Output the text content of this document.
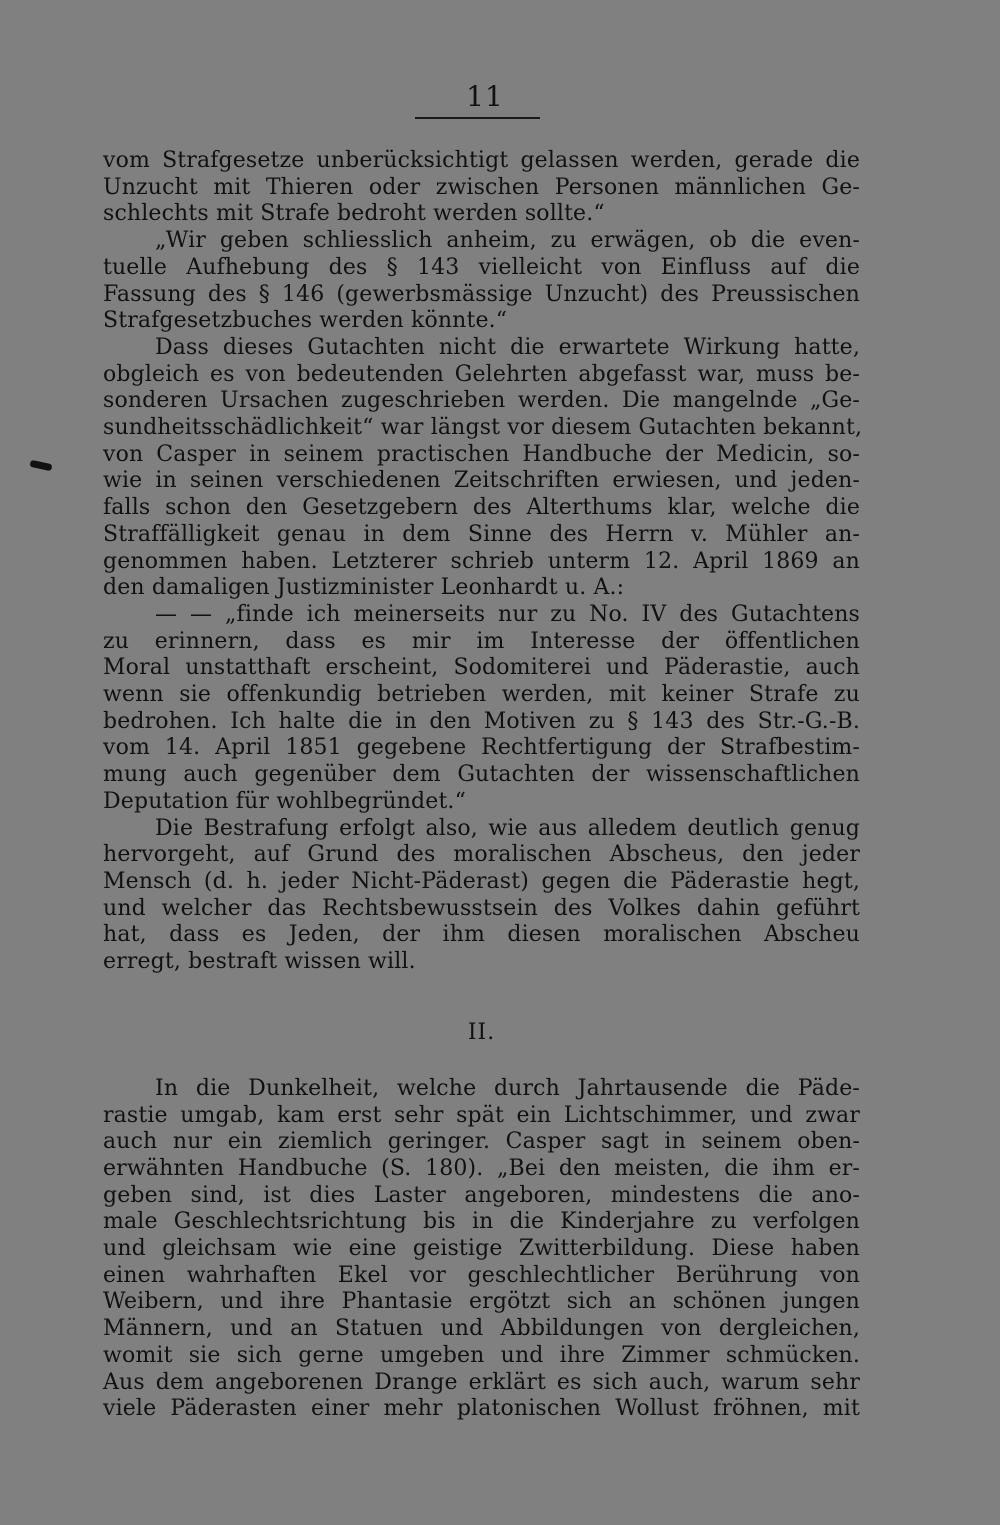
11

vom Strafgesetze unberücksichtigt gelassen werden, gerade die
Unzucht mit Thieren oder zwischen Personen männlichen Ge-
schlechts mit Strafe bedroht werden sollte.“

„Wir geben schliesslich anheim, zu erwägen, ob die even-
tuelle Aufhebung des § 143 vielleicht von Einfluss auf die
Fassung des § 146 (gewerbsmässige Unzucht) des Preussischen
Strafgesetzbuches werden könnte.“

Dass dieses Gutachten nicht die erwartete Wirkung hatte,
obgleich es von bedeutenden Gelehrten abgefasst war, muss be-
sonderen Ursachen zugeschrieben werden. Die mangelnde „Ge-
sundheitsschädlichkeit“ war längst vor diesem Gutachten bekannt,
von Casper in seinem practischen Handbuche der Medicin, so-
wie in seinen verschiedenen Zeitschriften erwiesen, und jeden-
falls schon den Gesetzgebern des Alterthums klar, welche die
Straffälligkeit genau in dem Sinne des Herrn v. Mühler an-
genommen haben. Letzterer schrieb unterm 12. April 1869 an
den damaligen Justizminister Leonhardt u. A.:

— — „finde ich meinerseits nur zu No. IV des Gutachtens
zu erinnern, dass es mir im Interesse der öffentlichen
Moral unstatthaft erscheint, Sodomiterei und Päderastie, auch
wenn sie offenkundig betrieben werden, mit keiner Strafe zu
bedrohen. Ich halte die in den Motiven zu § 143 des Str.-G.-B.
vom 14. April 1851 gegebene Rechtfertigung der Strafbestim-
mung auch gegenüber dem Gutachten der wissenschaftlichen
Deputation für wohlbegründet.“

Die Bestrafung erfolgt also, wie aus alledem deutlich genug
hervorgeht, auf Grund des moralischen Abscheus, den jeder
Mensch (d. h. jeder Nicht-Päderast) gegen die Päderastie hegt,
und welcher das Rechtsbewusstsein des Volkes dahin geführt
hat, dass es Jeden, der ihm diesen moralischen Abscheu
erregt, bestraft wissen will.

II.

In die Dunkelheit, welche durch Jahrtausende die Päde-
rastie umgab, kam erst sehr spät ein Lichtschimmer, und zwar
auch nur ein ziemlich geringer. Casper sagt in seinem oben-
erwähnten Handbuche (S. 180). „Bei den meisten, die ihm er-
geben sind, ist dies Laster angeboren, mindestens die ano-
male Geschlechtsrichtung bis in die Kinderjahre zu verfolgen
und gleichsam wie eine geistige Zwitterbildung. Diese haben
einen wahrhaften Ekel vor geschlechtlicher Berührung von
Weibern, und ihre Phantasie ergötzt sich an schönen jungen
Männern, und an Statuen und Abbildungen von dergleichen,
womit sie sich gerne umgeben und ihre Zimmer schmücken.
Aus dem angeborenen Drange erklärt es sich auch, warum sehr
viele Päderasten einer mehr platonischen Wollust fröhnen, mit
